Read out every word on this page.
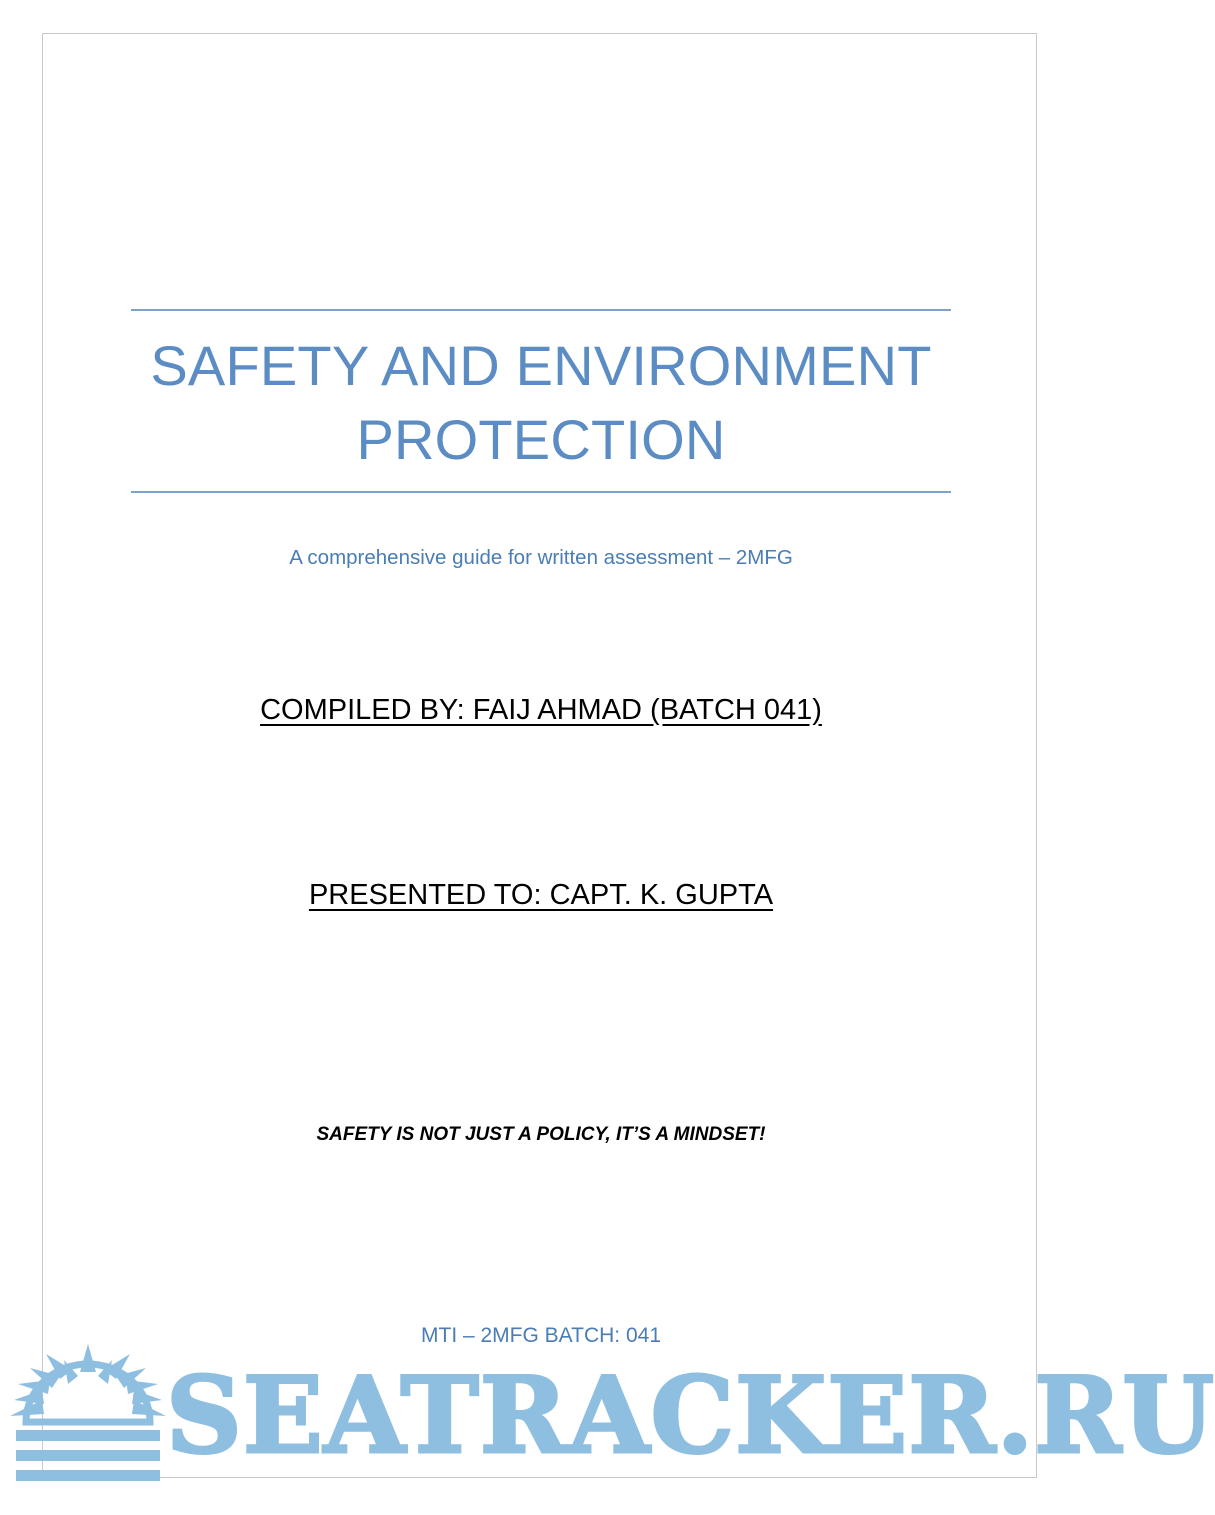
SAFETY AND ENVIRONMENT PROTECTION
A comprehensive guide for written assessment – 2MFG
COMPILED BY: FAIJ AHMAD (BATCH 041)
PRESENTED TO: CAPT. K. GUPTA
SAFETY IS NOT JUST A POLICY, IT’S A MINDSET!
MTI – 2MFG BATCH: 041
